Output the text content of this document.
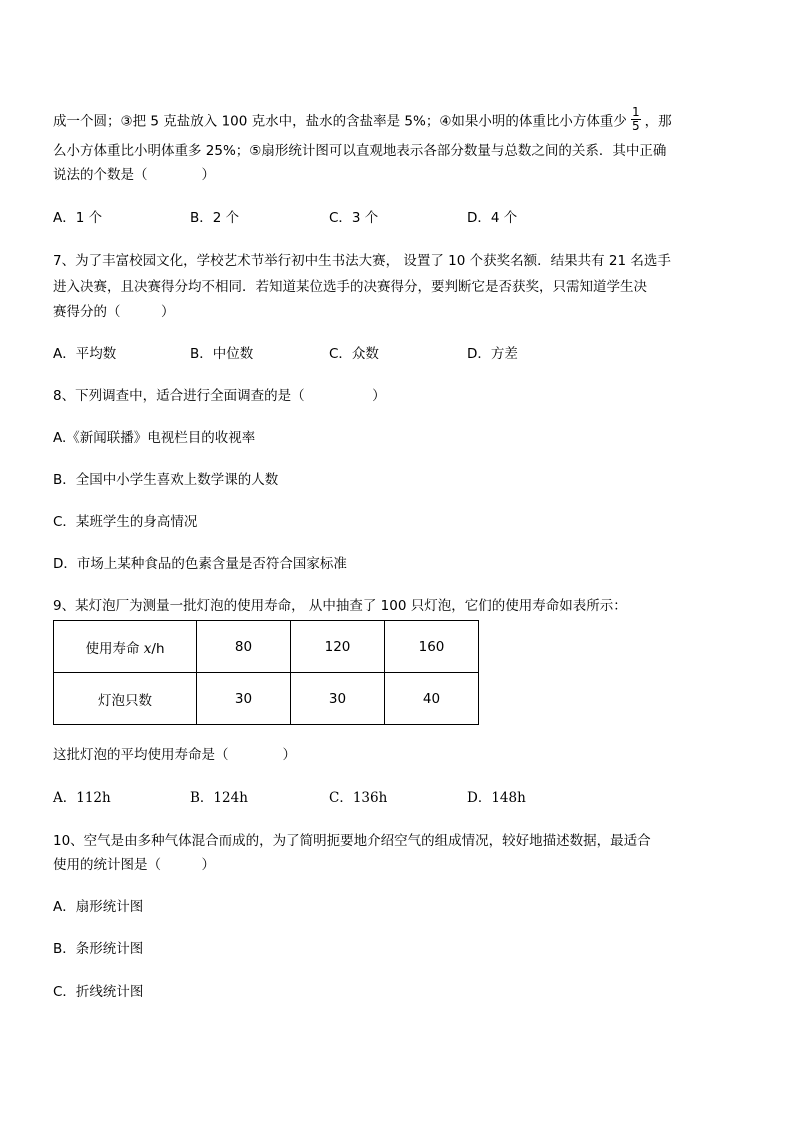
成一个圆；③把 5 克盐放入 100 克水中，盐水的含盐率是 5%；④如果小明的体重比小方体重少 $\frac{1}{5}$ ，那
么小方体重比小明体重多 25%；⑤扇形统计图可以直观地表示各部分数量与总数之间的关系．其中正确
说法的个数是（　　　　）
A．1 个	B．2 个	C．3 个	D．4 个
7、为了丰富校园文化，学校艺术节举行初中生书法大赛， 设置了 10 个获奖名额．结果共有 21 名选手
进入决赛，且决赛得分均不相同．若知道某位选手的决赛得分，要判断它是否获奖，只需知道学生决
赛得分的（　　　）
A．平均数	B．中位数	C．众数	D．方差
8、下列调查中，适合进行全面调查的是（　　　　　）
A.《新闻联播》电视栏目的收视率
B．全国中小学生喜欢上数学课的人数
C．某班学生的身高情况
D．市场上某种食品的色素含量是否符合国家标准
9、某灯泡厂为测量一批灯泡的使用寿命， 从中抽查了 100 只灯泡，它们的使用寿命如表所示：
使用寿命 x/h	80	120	160
灯泡只数	30	30	40
这批灯泡的平均使用寿命是（　　　　）
A．112h	B．124h	C．136h	D．148h
10、空气是由多种气体混合而成的，为了简明扼要地介绍空气的组成情况，较好地描述数据，最适合
使用的统计图是（　　　）
A．扇形统计图
B．条形统计图
C．折线统计图
